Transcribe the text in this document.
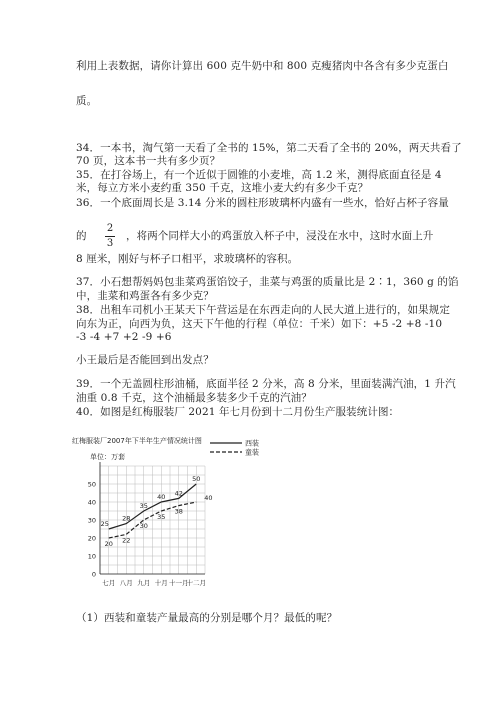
利用上表数据，请你计算出 600 克牛奶中和 800 克瘦猪肉中各含有多少克蛋白
质。
34．一本书，淘气第一天看了全书的 15%，第二天看了全书的 20%，两天共看了
70 页，这本书一共有多少页？
35．在打谷场上，有一个近似于圆锥的小麦堆，高 1.2 米，测得底面直径是 4
米，每立方米小麦约重 350 千克，这堆小麦大约有多少千克？
36．一个底面周长是 3.14 分米的圆柱形玻璃杯内盛有一些水，恰好占杯子容量
的 $\frac{2}{3}$ ，将两个同样大小的鸡蛋放入杯子中，浸没在水中，这时水面上升
8 厘米，刚好与杯子口相平，求玻璃杯的容积。
37．小石想帮妈妈包韭菜鸡蛋馅饺子，韭菜与鸡蛋的质量比是 2∶1，360 g 的馅
中，韭菜和鸡蛋各有多少克？
38．出租车司机小王某天下午营运是在东西走向的人民大道上进行的，如果规定
向东为正，向西为负，这天下午他的行程（单位：千米）如下：+5 -2 +8 -10
-3 -4 +7 +2 -9 +6
小王最后是否能回到出发点？
39．一个无盖圆柱形油桶，底面半径 2 分米，高 8 分米，里面装满汽油，1 升汽
油重 0.8 千克，这个油桶最多装多少千克的汽油？
40．如图是红梅服装厂 2021 年七月份到十二月份生产服装统计图：
红梅服装厂2007年下半年生产情况统计图
单位：万套
0
10
20
30
40
50
七月 八月 九月 十月 十一月
十二月
25
28
35
40 42
50
20 22
30
35
38
40
西装
童装
（1）西装和童装产量最高的分别是哪个月？最低的呢？
